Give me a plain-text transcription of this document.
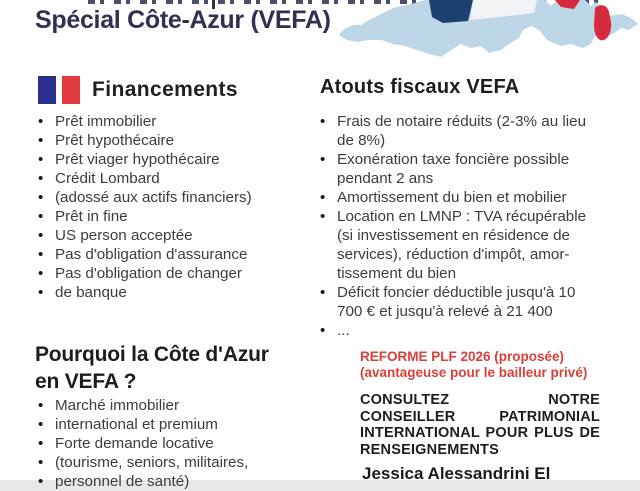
Spécial Côte-Azur (VEFA)
Financements
• Prêt immobilier
• Prêt hypothécaire
• Prêt viager hypothécaire
• Crédit Lombard
• (adossé aux actifs financiers)
• Prêt in fine
• US person acceptée
• Pas d'obligation d'assurance
• Pas d'obligation de changer
• de banque
Pourquoi la Côte d'Azur
en VEFA ?
• Marché immobilier
• international et premium
• Forte demande locative
• (tourisme, seniors, militaires,
• personnel de santé)
Atouts fiscaux VEFA
• Frais de notaire réduits (2-3% au lieu de 8%)
• Exonération taxe foncière possible pendant 2 ans
• Amortissement du bien et mobilier
• Location en LMNP : TVA récupérable (si investissement en résidence de services), réduction d'impôt, amor-tissement du bien
• Déficit foncier déductible jusqu'à 10 700 € et jusqu'à relevé à 21 400
• ...
REFORME PLF 2026 (proposée)
(avantageuse pour le bailleur privé)
CONSULTEZ NOTRE CONSEILLER PATRIMONIAL INTERNATIONAL POUR PLUS DE RENSEIGNEMENTS
Jessica Alessandrini El
